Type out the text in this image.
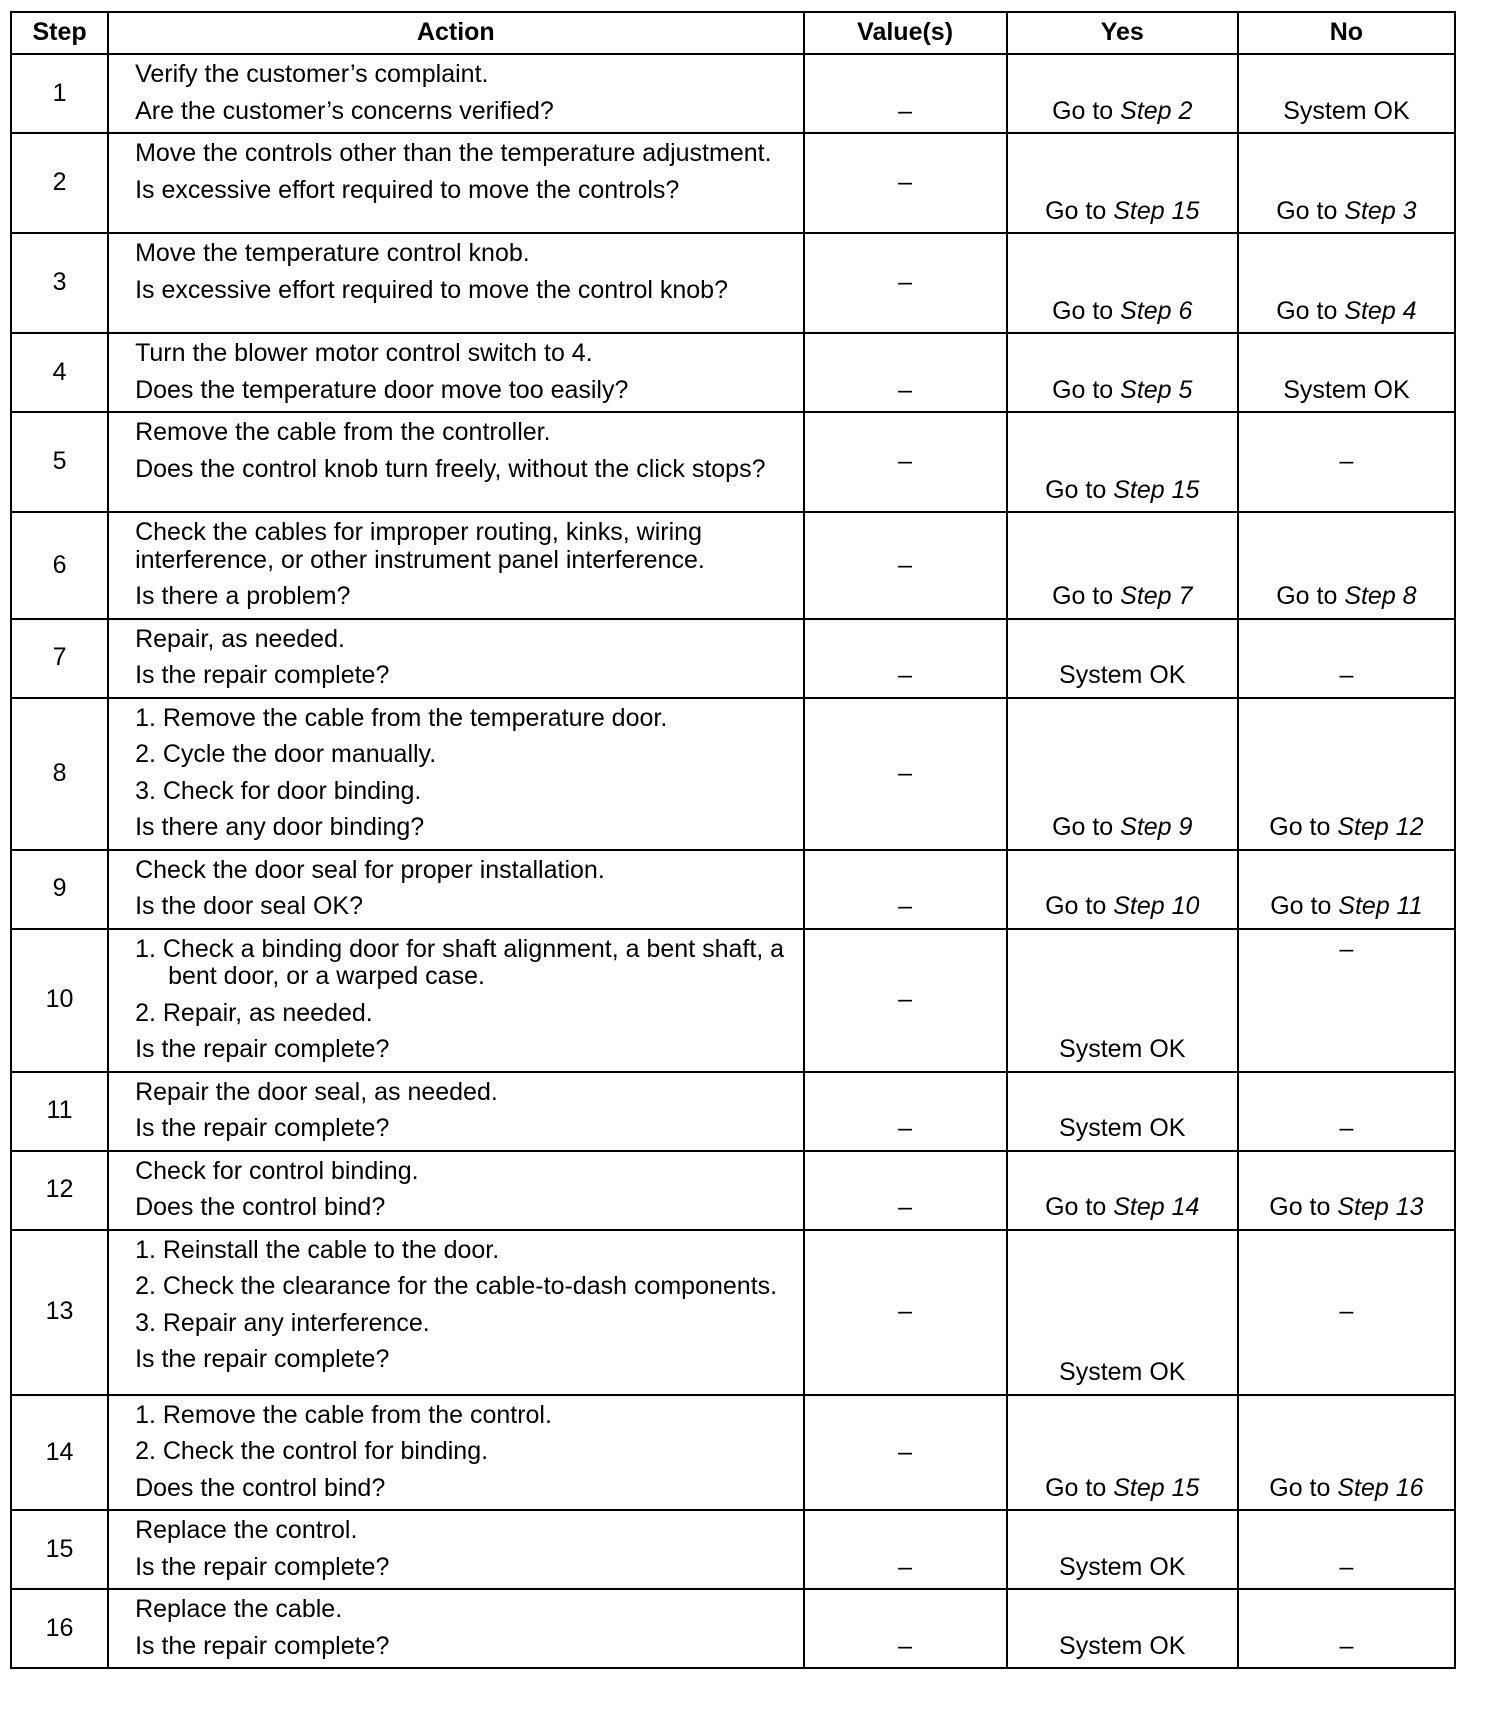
Step	Action	Value(s)	Yes	No
1	Verify the customer’s complaint.
Are the customer’s concerns verified?	–	Go to Step 2	System OK
2	Move the controls other than the temperature adjustment.
Is excessive effort required to move the controls?	–	Go to Step 15	Go to Step 3
3	Move the temperature control knob.
Is excessive effort required to move the control knob?	–	Go to Step 6	Go to Step 4
4	Turn the blower motor control switch to 4.
Does the temperature door move too easily?	–	Go to Step 5	System OK
5	Remove the cable from the controller.
Does the control knob turn freely, without the click stops?	–	Go to Step 15	–
6	Check the cables for improper routing, kinks, wiring interference, or other instrument panel interference.
Is there a problem?	–	Go to Step 7	Go to Step 8
7	Repair, as needed.
Is the repair complete?	–	System OK	–
8	1. Remove the cable from the temperature door.
2. Cycle the door manually.
3. Check for door binding.
Is there any door binding?	–	Go to Step 9	Go to Step 12
9	Check the door seal for proper installation.
Is the door seal OK?	–	Go to Step 10	Go to Step 11
10	1. Check a binding door for shaft alignment, a bent shaft, a bent door, or a warped case.
2. Repair, as needed.
Is the repair complete?	–	System OK	–
11	Repair the door seal, as needed.
Is the repair complete?	–	System OK	–
12	Check for control binding.
Does the control bind?	–	Go to Step 14	Go to Step 13
13	1. Reinstall the cable to the door.
2. Check the clearance for the cable-to-dash components.
3. Repair any interference.
Is the repair complete?	–	System OK	–
14	1. Remove the cable from the control.
2. Check the control for binding.
Does the control bind?	–	Go to Step 15	Go to Step 16
15	Replace the control.
Is the repair complete?	–	System OK	–
16	Replace the cable.
Is the repair complete?	–	System OK	–
